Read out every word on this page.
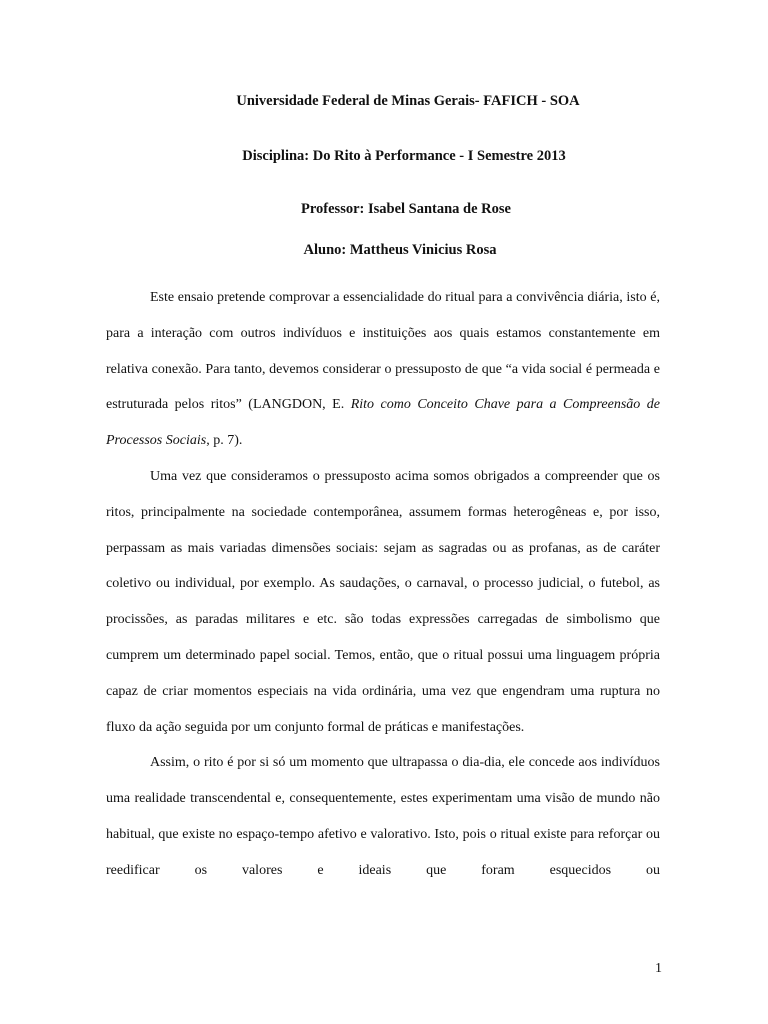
Universidade Federal de Minas Gerais- FAFICH - SOA
Disciplina: Do Rito à Performance - I Semestre 2013
Professor: Isabel Santana de Rose
Aluno: Mattheus Vinicius Rosa

Este ensaio pretende comprovar a essencialidade do ritual para a convivência diária, isto é, para a interação com outros indivíduos e instituições aos quais estamos constantemente em relativa conexão. Para tanto, devemos considerar o pressuposto de que “a vida social é permeada e estruturada pelos ritos” (LANGDON, E. Rito como Conceito Chave para a Compreensão de Processos Sociais, p. 7).

Uma vez que consideramos o pressuposto acima somos obrigados a compreender que os ritos, principalmente na sociedade contemporânea, assumem formas heterogêneas e, por isso, perpassam as mais variadas dimensões sociais: sejam as sagradas ou as profanas, as de caráter coletivo ou individual, por exemplo. As saudações, o carnaval, o processo judicial, o futebol, as procissões, as paradas militares e etc. são todas expressões carregadas de simbolismo que cumprem um determinado papel social. Temos, então, que o ritual possui uma linguagem própria capaz de criar momentos especiais na vida ordinária, uma vez que engendram uma ruptura no fluxo da ação seguida por um conjunto formal de práticas e manifestações.

Assim, o rito é por si só um momento que ultrapassa o dia-dia, ele concede aos indivíduos uma realidade transcendental e, consequentemente, estes experimentam uma visão de mundo não habitual, que existe no espaço-tempo afetivo e valorativo. Isto, pois o ritual existe para reforçar ou reedificar os valores e ideais que foram esquecidos ou

1
